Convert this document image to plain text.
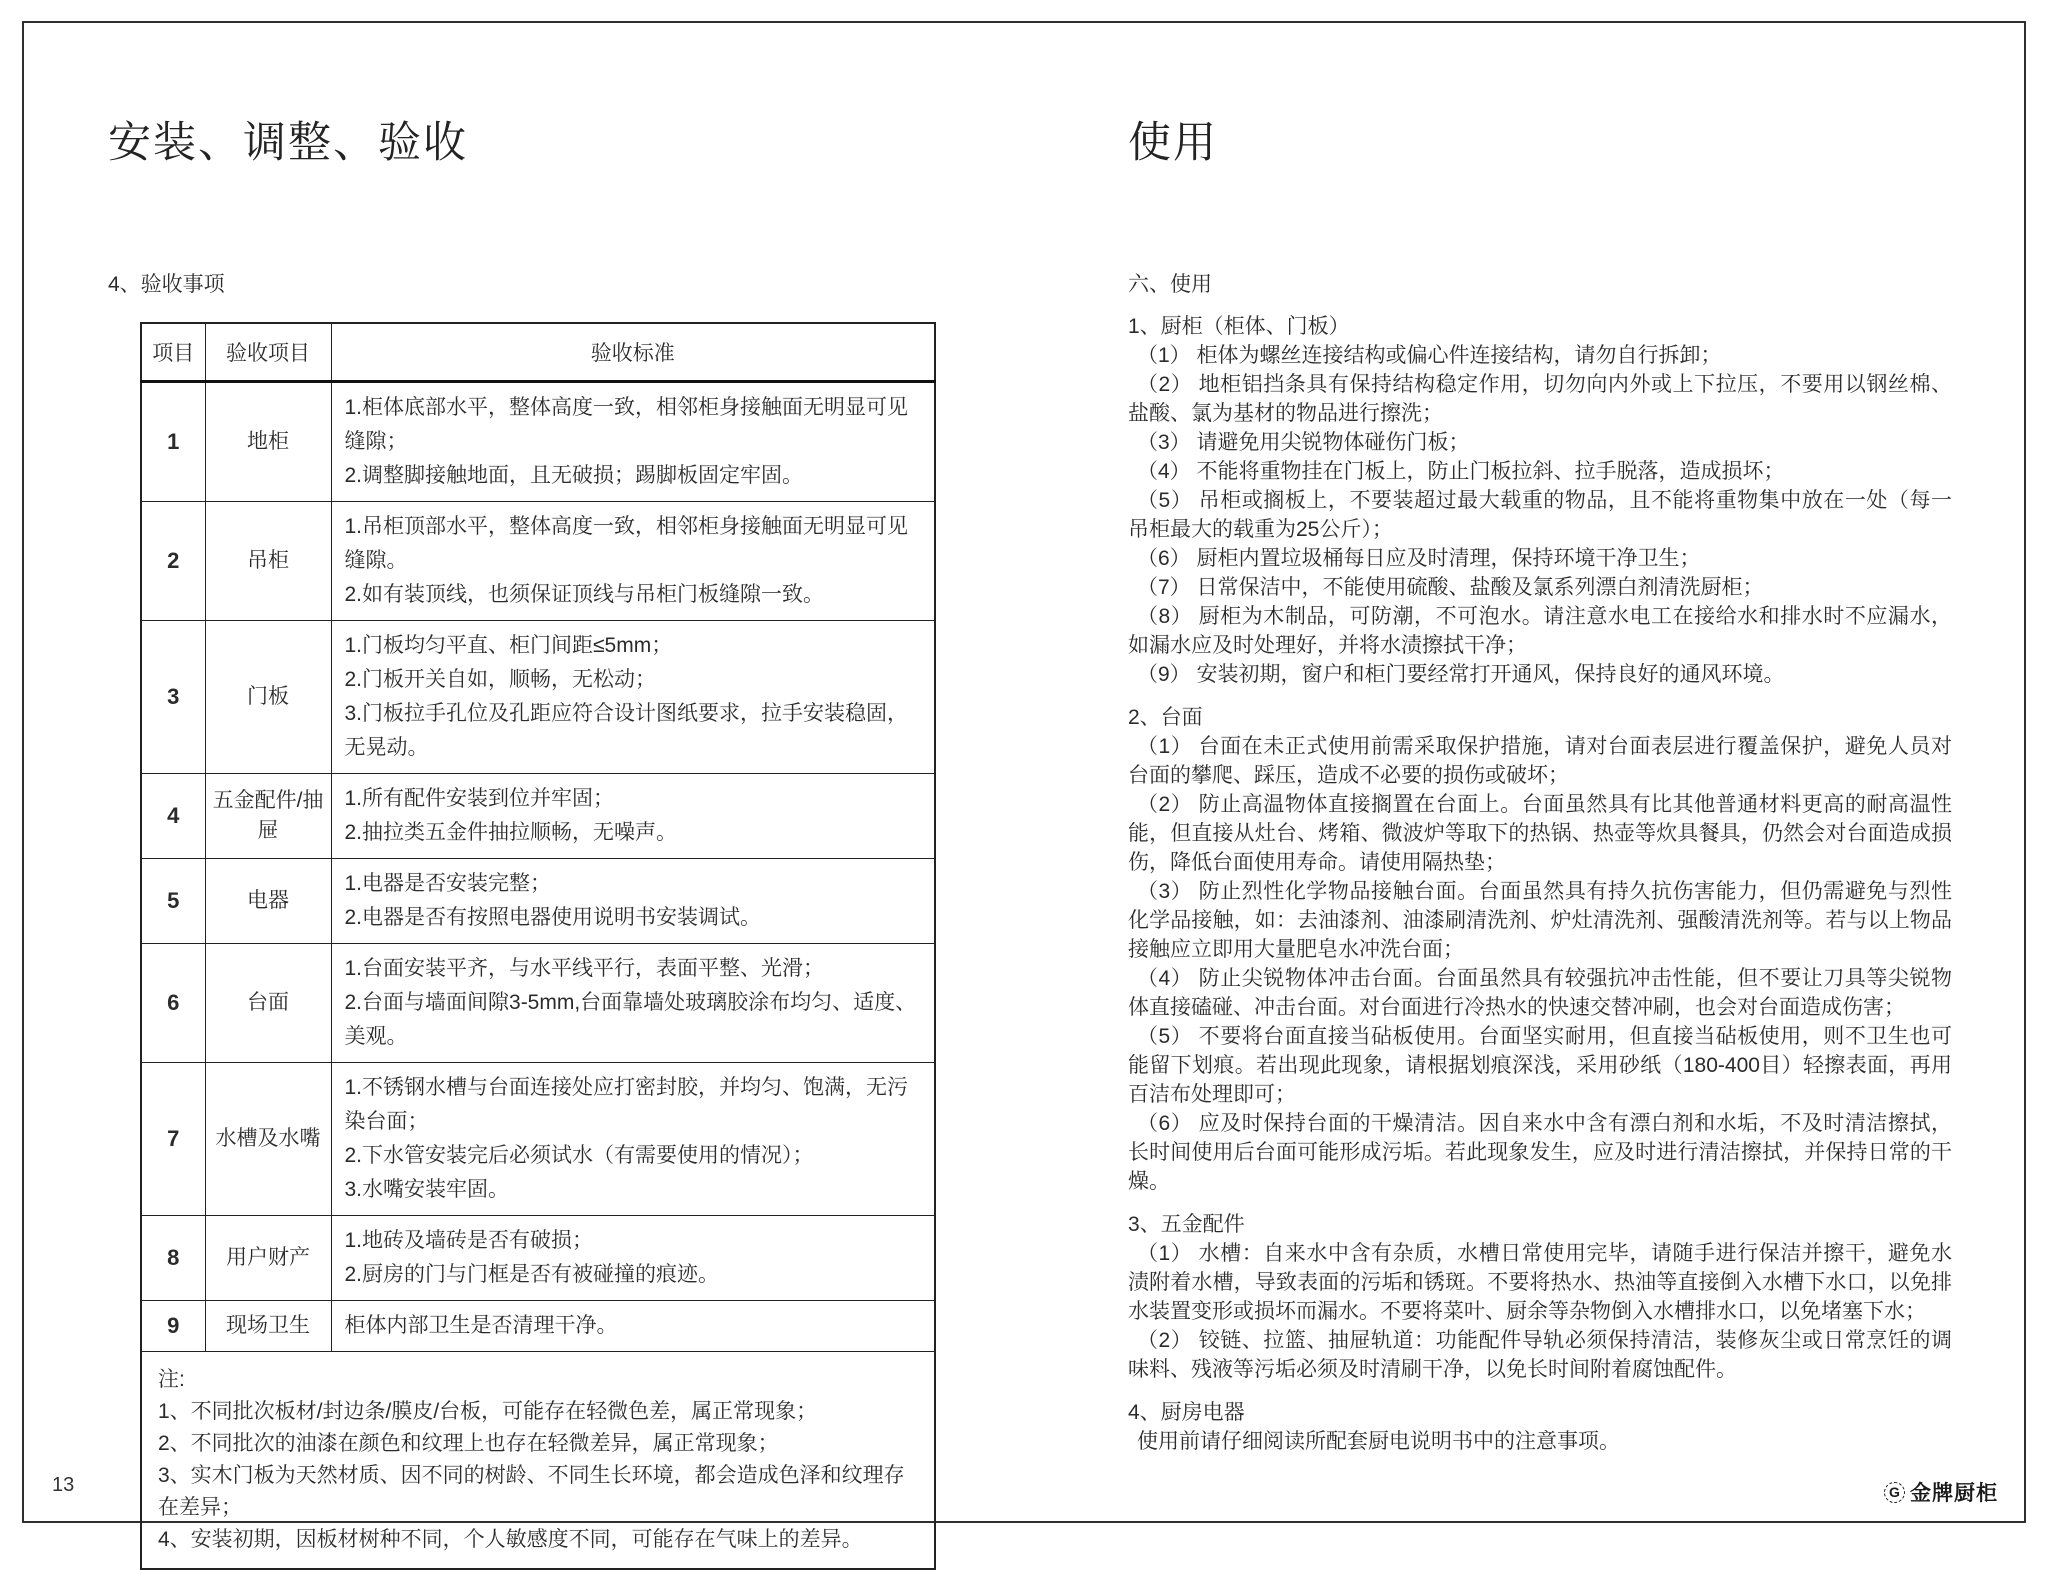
安装、调整、验收
4、验收事项
项目	验收项目	验收标准
1	地柜	1.柜体底部水平，整体高度一致，相邻柜身接触面无明显可见缝隙；
2.调整脚接触地面，且无破损；踢脚板固定牢固。

2	吊柜	1.吊柜顶部水平，整体高度一致，相邻柜身接触面无明显可见缝隙。
2.如有装顶线，也须保证顶线与吊柜门板缝隙一致。

3	门板	1.门板均匀平直、柜门间距≤5mm；
2.门板开关自如，顺畅，无松动；
3.门板拉手孔位及孔距应符合设计图纸要求，拉手安装稳固，无晃动。

4	五金配件/抽屉	1.所有配件安装到位并牢固；
2.抽拉类五金件抽拉顺畅，无噪声。

5	电器	1.电器是否安装完整；
2.电器是否有按照电器使用说明书安装调试。

6	台面	1.台面安装平齐，与水平线平行，表面平整、光滑；
2.台面与墙面间隙3-5mm,台面靠墙处玻璃胶涂布均匀、适度、美观。

7	水槽及水嘴	1.不锈钢水槽与台面连接处应打密封胶，并均匀、饱满，无污染台面；
2.下水管安装完后必须试水（有需要使用的情况）；
3.水嘴安装牢固。

8	用户财产	1.地砖及墙砖是否有破损；
2.厨房的门与门框是否有被碰撞的痕迹。

9	现场卫生	柜体内部卫生是否清理干净。

注:
1、不同批次板材/封边条/膜皮/台板，可能存在轻微色差，属正常现象；
2、不同批次的油漆在颜色和纹理上也存在轻微差异，属正常现象；
3、实木门板为天然材质、因不同的树龄、不同生长环境，都会造成色泽和纹理存在差异；
4、安装初期，因板材树种不同，个人敏感度不同，可能存在气味上的差异。		
使用
六、使用
1、厨柜（柜体、门板）
（1） 柜体为螺丝连接结构或偏心件连接结构，请勿自行拆卸；
（2） 地柜铝挡条具有保持结构稳定作用，切勿向内外或上下拉压，不要用以钢丝棉、盐酸、氯为基材的物品进行擦洗；
（3） 请避免用尖锐物体碰伤门板；
（4） 不能将重物挂在门板上，防止门板拉斜、拉手脱落，造成损坏；
（5） 吊柜或搁板上，不要装超过最大载重的物品，且不能将重物集中放在一处（每一吊柜最大的载重为25公斤）；
（6） 厨柜内置垃圾桶每日应及时清理，保持环境干净卫生；
（7） 日常保洁中，不能使用硫酸、盐酸及氯系列漂白剂清洗厨柜；
（8） 厨柜为木制品，可防潮，不可泡水。请注意水电工在接给水和排水时不应漏水，如漏水应及时处理好，并将水渍擦拭干净；
（9） 安装初期，窗户和柜门要经常打开通风，保持良好的通风环境。
2、台面
（1） 台面在未正式使用前需采取保护措施，请对台面表层进行覆盖保护，避免人员对台面的攀爬、踩压，造成不必要的损伤或破坏；
（2） 防止高温物体直接搁置在台面上。台面虽然具有比其他普通材料更高的耐高温性能，但直接从灶台、烤箱、微波炉等取下的热锅、热壶等炊具餐具，仍然会对台面造成损伤，降低台面使用寿命。请使用隔热垫；
（3） 防止烈性化学物品接触台面。台面虽然具有持久抗伤害能力，但仍需避免与烈性化学品接触，如：去油漆剂、油漆刷清洗剂、炉灶清洗剂、强酸清洗剂等。若与以上物品接触应立即用大量肥皂水冲洗台面；
（4） 防止尖锐物体冲击台面。台面虽然具有较强抗冲击性能，但不要让刀具等尖锐物体直接磕碰、冲击台面。对台面进行冷热水的快速交替冲刷，也会对台面造成伤害；
（5） 不要将台面直接当砧板使用。台面坚实耐用，但直接当砧板使用，则不卫生也可能留下划痕。若出现此现象，请根据划痕深浅，采用砂纸（180-400目）轻擦表面，再用百洁布处理即可；
（6） 应及时保持台面的干燥清洁。因自来水中含有漂白剂和水垢，不及时清洁擦拭，长时间使用后台面可能形成污垢。若此现象发生，应及时进行清洁擦拭，并保持日常的干燥。
3、五金配件
（1） 水槽：自来水中含有杂质，水槽日常使用完毕，请随手进行保洁并擦干，避免水渍附着水槽，导致表面的污垢和锈斑。不要将热水、热油等直接倒入水槽下水口，以免排水装置变形或损坏而漏水。不要将菜叶、厨余等杂物倒入水槽排水口，以免堵塞下水；
（2） 铰链、拉篮、抽屉轨道：功能配件导轨必须保持清洁，装修灰尘或日常烹饪的调味料、残液等污垢必须及时清刷干净，以免长时间附着腐蚀配件。
4、厨房电器
使用前请仔细阅读所配套厨电说明书中的注意事项。
13	G 金牌厨柜
